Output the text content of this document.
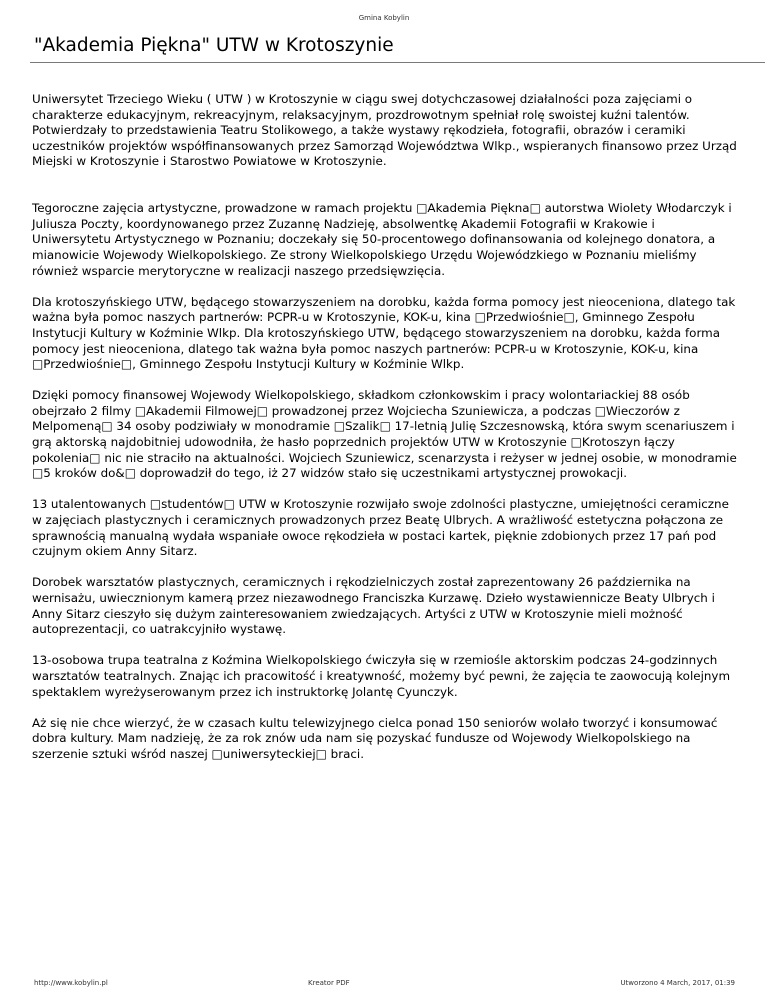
Gmina Kobylin
"Akademia Piękna" UTW w Krotoszynie

Uniwersytet Trzeciego Wieku ( UTW ) w Krotoszynie w ciągu swej dotychczasowej działalności poza zajęciami o charakterze edukacyjnym, rekreacyjnym, relaksacyjnym, prozdrowotnym spełniał rolę swoistej kuźni talentów. Potwierdzały to przedstawienia Teatru Stolikowego, a także wystawy rękodzieła, fotografii, obrazów i ceramiki uczestników projektów współfinansowanych przez Samorząd Województwa Wlkp., wspieranych finansowo przez Urząd Miejski w Krotoszynie i Starostwo Powiatowe w Krotoszynie.

Tegoroczne zajęcia artystyczne, prowadzone w ramach projektu □Akademia Piękna□ autorstwa Wiolety Włodarczyk i Juliusza Poczty, koordynowanego przez Zuzannę Nadzieję, absolwentkę Akademii Fotografii w Krakowie i Uniwersytetu Artystycznego w Poznaniu; doczekały się 50-procentowego dofinansowania od kolejnego donatora, a mianowicie Wojewody Wielkopolskiego. Ze strony Wielkopolskiego Urzędu Wojewódzkiego w Poznaniu mieliśmy również wsparcie merytoryczne w realizacji naszego przedsięwzięcia.

Dla krotoszyńskiego UTW, będącego stowarzyszeniem na dorobku, każda forma pomocy jest nieoceniona, dlatego tak ważna była pomoc naszych partnerów: PCPR-u w Krotoszynie, KOK-u, kina □Przedwiośnie□, Gminnego Zespołu Instytucji Kultury w Koźminie Wlkp. Dla krotoszyńskiego UTW, będącego stowarzyszeniem na dorobku, każda forma pomocy jest nieoceniona, dlatego tak ważna była pomoc naszych partnerów: PCPR-u w Krotoszynie, KOK-u, kina □Przedwiośnie□, Gminnego Zespołu Instytucji Kultury w Koźminie Wlkp.

Dzięki pomocy finansowej Wojewody Wielkopolskiego, składkom członkowskim i pracy wolontariackiej 88 osób obejrzało 2 filmy □Akademii Filmowej□ prowadzonej przez Wojciecha Szuniewicza, a podczas □Wieczorów z Melpomeną□ 34 osoby podziwiały w monodramie □Szalik□ 17-letnią Julię Szczesnowską, która swym scenariuszem i grą aktorską najdobitniej udowodniła, że hasło poprzednich projektów UTW w Krotoszynie □Krotoszyn łączy pokolenia□ nic nie straciło na aktualności. Wojciech Szuniewicz, scenarzysta i reżyser w jednej osobie, w monodramie □5 kroków do&□ doprowadził do tego, iż 27 widzów stało się uczestnikami artystycznej prowokacji.

13 utalentowanych □studentów□ UTW w Krotoszynie rozwijało swoje zdolności plastyczne, umiejętności ceramiczne w zajęciach plastycznych i ceramicznych prowadzonych przez Beatę Ulbrych. A wrażliwość estetyczna połączona ze sprawnością manualną wydała wspaniałe owoce rękodzieła w postaci kartek, pięknie zdobionych przez 17 pań pod czujnym okiem Anny Sitarz.

Dorobek warsztatów plastycznych, ceramicznych i rękodzielniczych został zaprezentowany 26 października na wernisażu, uwiecznionym kamerą przez niezawodnego Franciszka Kurzawę. Dzieło wystawiennicze Beaty Ulbrych i Anny Sitarz cieszyło się dużym zainteresowaniem zwiedzających. Artyści z UTW w Krotoszynie mieli możność autoprezentacji, co uatrakcyjniło wystawę.

13-osobowa trupa teatralna z Koźmina Wielkopolskiego ćwiczyła się w rzemiośle aktorskim podczas 24-godzinnych warsztatów teatralnych. Znając ich pracowitość i kreatywność, możemy być pewni, że zajęcia te zaowocują kolejnym spektaklem wyreżyserowanym przez ich instruktorkę Jolantę Cyunczyk.

Aż się nie chce wierzyć, że w czasach kultu telewizyjnego cielca ponad 150 seniorów wolało tworzyć i konsumować dobra kultury. Mam nadzieję, że za rok znów uda nam się pozyskać fundusze od Wojewody Wielkopolskiego na szerzenie sztuki wśród naszej □uniwersyteckiej□ braci.

http://www.kobylin.pl	Kreator PDF	Utworzono 4 March, 2017, 01:39
